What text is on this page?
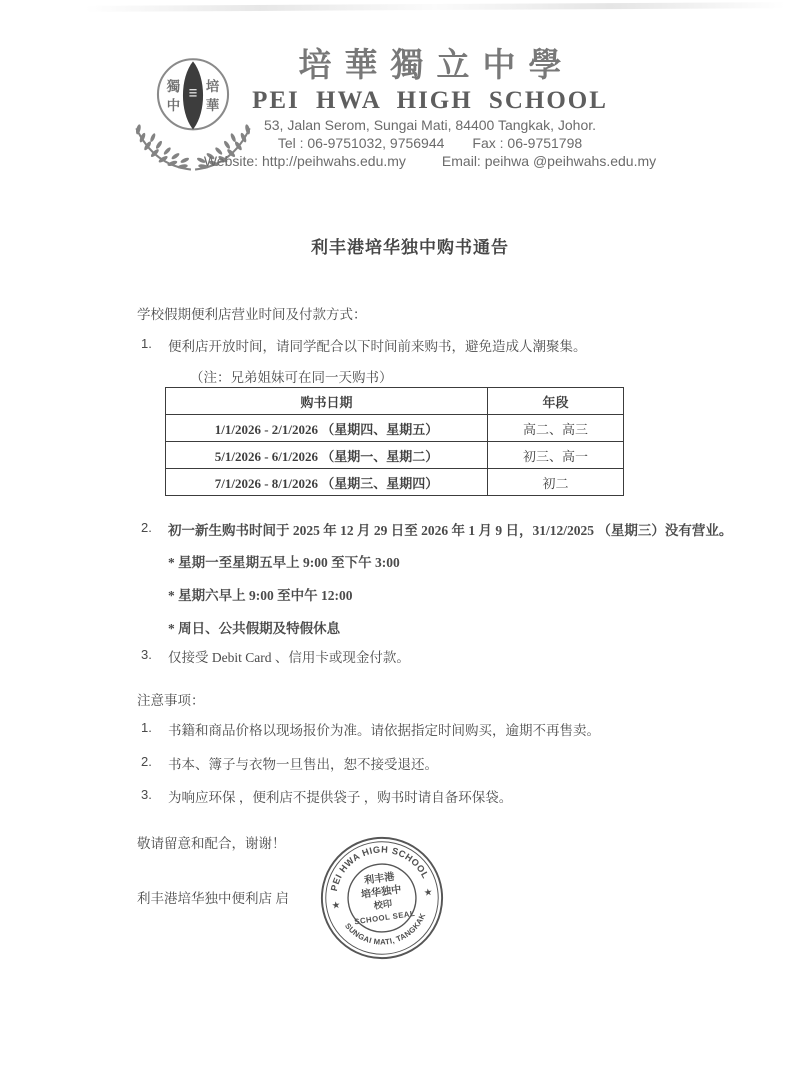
獨
中
培
華
培華獨立中學
PEI HWA HIGH SCHOOL
53, Jalan Serom, Sungai Mati, 84400 Tangkak, Johor.
Tel : 06-9751032, 9756944 Fax : 06-9751798
Website: http://peihwahs.edu.my	Email: peihwa @peihwahs.edu.my
利丰港培华独中购书通告
学校假期便利店营业时间及付款方式：
1.	便利店开放时间，请同学配合以下时间前来购书，避免造成人潮聚集。
（注：兄弟姐妹可在同一天购书）
购书日期	年段
1/1/2026 - 2/1/2026 （星期四、星期五）	高二、高三
5/1/2026 - 6/1/2026 （星期一、星期二）	初三、高一
7/1/2026 - 8/1/2026 （星期三、星期四）	初二
2.	初一新生购书时间于 2025 年 12 月 29 日至 2026 年 1 月 9 日，31/12/2025 （星期三）没有营业。
* 星期一至星期五早上 9:00 至下午 3:00
* 星期六早上 9:00 至中午 12:00
* 周日、公共假期及特假休息
3.	仅接受 Debit Card 、信用卡或现金付款。
注意事项：
1.	书籍和商品价格以现场报价为准。请依据指定时间购买，逾期不再售卖。
2.	书本、簿子与衣物一旦售出，恕不接受退还。
3.	为响应环保 ，便利店不提供袋子 ，购书时请自备环保袋。
敬请留意和配合，谢谢！
利丰港培华独中便利店 启
PEI HWA HIGH SCHOOL
SUNGAI MATI, TANGKAK
★
★
利丰港
培华独中
校印
SCHOOL SEAL
